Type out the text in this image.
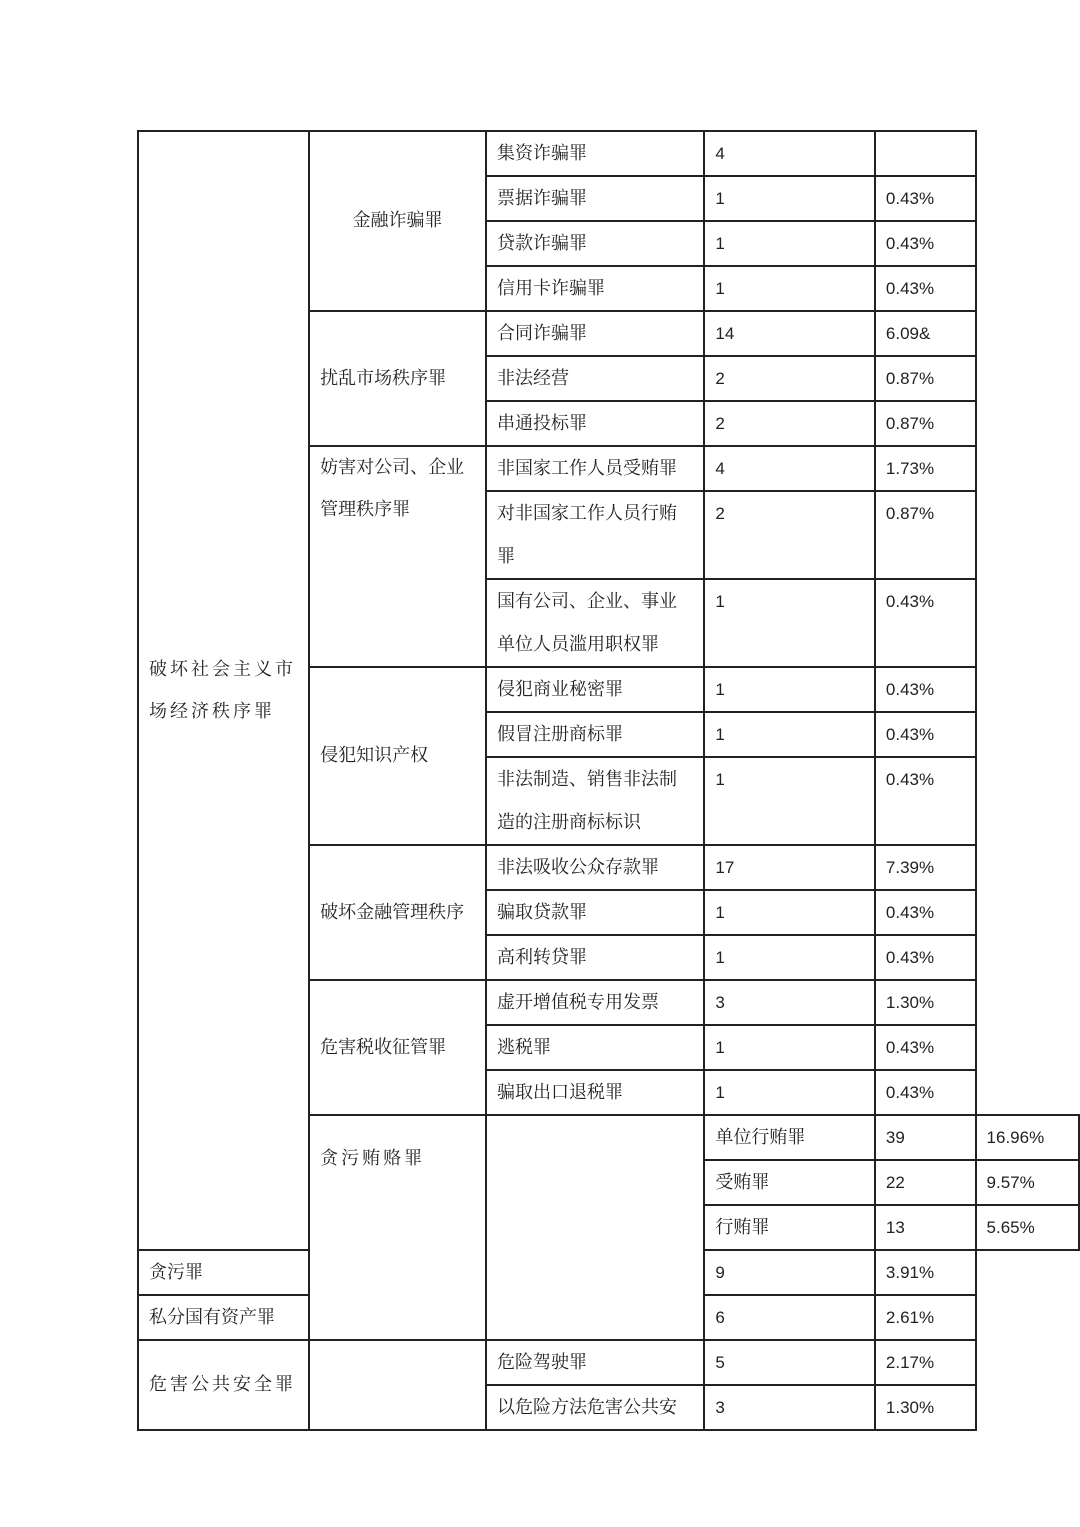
破坏社会主义市场经济秩序罪	金融诈骗罪	集资诈骗罪	4		
		票据诈骗罪	1	0.43%	
		贷款诈骗罪	1	0.43%	
		信用卡诈骗罪	1	0.43%	
	扰乱市场秩序罪	合同诈骗罪	14	6.09&	
		非法经营	2	0.87%	
		串通投标罪	2	0.87%	
	妨害对公司、企业管理秩序罪	非国家工作人员受贿罪	4	1.73%	
		对非国家工作人员行贿罪	2	0.87%	
		国有公司、企业、事业单位人员滥用职权罪	1	0.43%	
	侵犯知识产权	侵犯商业秘密罪	1	0.43%	
		假冒注册商标罪	1	0.43%	
		非法制造、销售非法制造的注册商标标识	1	0.43%	
	破坏金融管理秩序	非法吸收公众存款罪	17	7.39%	
		骗取贷款罪	1	0.43%	
		高利转贷罪	1	0.43%	
	危害税收征管罪	虚开增值税专用发票	3	1.30%	
		逃税罪	1	0.43%	
		骗取出口退税罪	1	0.43%	
	贪污贿赂罪		单位行贿罪	39	16.96%
			受贿罪	22	9.57%
			行贿罪	13	5.65%
贪污罪			9	3.91%	
私分国有资产罪			6	2.61%	
危害公共安全罪		危险驾驶罪	5	2.17%	
		以危险方法危害公共安	3	1.30%	
